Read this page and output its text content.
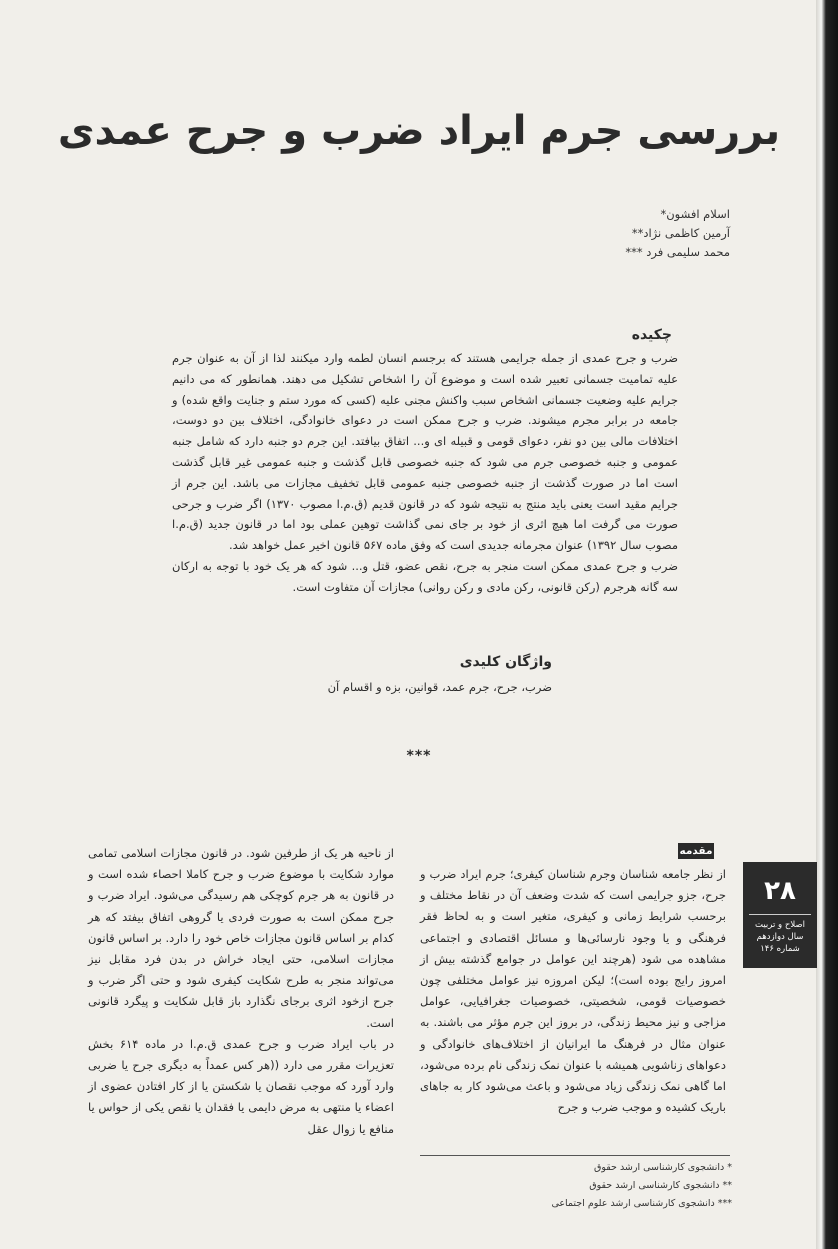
بررسی جرم ایراد ضرب و جرح عمدی
اسلام افشون*
آرمین کاظمی نژاد**
محمد سلیمی فرد ***
چکیده

ضرب و جرح عمدی از جمله جرایمی هستند که برجسم انسان لطمه وارد میکنند لذا از آن به عنوان جرم علیه تمامیت جسمانی تعبیر شده است و موضوع آن را اشخاص تشکیل می دهند. همانطور که می دانیم جرایم علیه وضعیت جسمانی اشخاص سبب واکنش مجنی علیه (کسی که مورد ستم و جنایت واقع شده) و جامعه در برابر مجرم میشوند. ضرب و جرح ممکن است در دعوای خانوادگی، اختلاف بین دو دوست، اختلافات مالی بین دو نفر، دعوای قومی و قبیله ای و... اتفاق بیافتد. این جرم دو جنبه دارد که شامل جنبه عمومی و جنبه خصوصی جرم می شود که جنبه خصوصی قابل گذشت و جنبه عمومی غیر قابل گذشت است اما در صورت گذشت از جنبه خصوصی جنبه عمومی قابل تخفیف مجازات می باشد. این جرم از جرایم مقید است یعنی باید منتج به نتیجه شود که در قانون قدیم (ق.م.ا مصوب ۱۳۷۰) اگر ضرب و جرحی صورت می گرفت اما هیچ اثری از خود بر جای نمی گذاشت توهین عملی بود اما در قانون جدید (ق.م.ا مصوب سال ۱۳۹۲) عنوان مجرمانه جدیدی است که وفق ماده ۵۶۷ قانون اخیر عمل خواهد شد.

ضرب و جرح عمدی ممکن است منجر به جرح، نقص عضو، قتل و... شود که هر یک خود با توجه به ارکان سه گانه هرجرم (رکن قانونی، رکن مادی و رکن روانی) مجازات آن متفاوت است.

واژگان کلیدی
ضرب، جرح، جرم عمد، قوانین، بزه و اقسام آن
***
مقدمه

از نظر جامعه شناسان وجرم شناسان کیفری؛ جرم ایراد ضرب و جرح، جزو جرایمی است که شدت وضعف آن در نقاط مختلف و برحسب شرایط زمانی و کیفری، متغیر است و به لحاظ فقر فرهنگی و یا وجود نارسائی‌ها و مسائل اقتصادی و اجتماعی مشاهده می شود (هرچند این عوامل در جوامع گذشته بیش از امروز رایج بوده است)؛ لیکن امروزه نیز عوامل مختلفی چون خصوصیات قومی، شخصیتی، خصوصیات جغرافیایی، عوامل مزاجی و نیز محیط زندگی، در بروز این جرم مؤثر می باشند. به عنوان مثال در فرهنگ ما ایرانیان از اختلاف‌های خانوادگی و دعواهای زناشویی همیشه با عنوان نمک زندگی نام برده می‌شود، اما گاهی نمک زندگی زیاد می‌شود و باعث می‌شود کار به جاهای باریک کشیده و موجب ضرب و جرح

از ناحیه هر یک از طرفین شود. در قانون مجازات اسلامی تمامی موارد شکایت با موضوع ضرب و جرح کاملا احصاء شده است و در قانون به هر جرم کوچکی هم رسیدگی می‌شود. ایراد ضرب و جرح ممکن است به صورت فردی یا گروهی اتفاق بیفتد که هر کدام بر اساس قانون مجازات خاص خود را دارد. بر اساس قانون مجازات اسلامی، حتی ایجاد خراش در بدن فرد مقابل نیز می‌تواند منجر به طرح شکایت کیفری شود و حتی اگر ضرب و جرح ازخود اثری برجای نگذارد باز قابل شکایت و پیگرد قانونی است.

در باب ایراد ضرب و جرح عمدی ق.م.ا در ماده ۶۱۴ بخش تعزیرات مقرر می دارد ((هر کس عمداً به دیگری جرح یا ضربی وارد آورد که موجب نقصان یا شکستن یا از کار افتادن عضوی از اعضاء یا منتهی به مرض دایمی یا فقدان یا نقص یکی از حواس یا منافع یا زوال عقل

* دانشجوی کارشناسی ارشد حقوق
** دانشجوی کارشناسی ارشد حقوق
*** دانشجوی کارشناسی ارشد علوم اجتماعی
۲۸
اصلاح و تربیت
سال دوازدهم
شماره ۱۴۶
